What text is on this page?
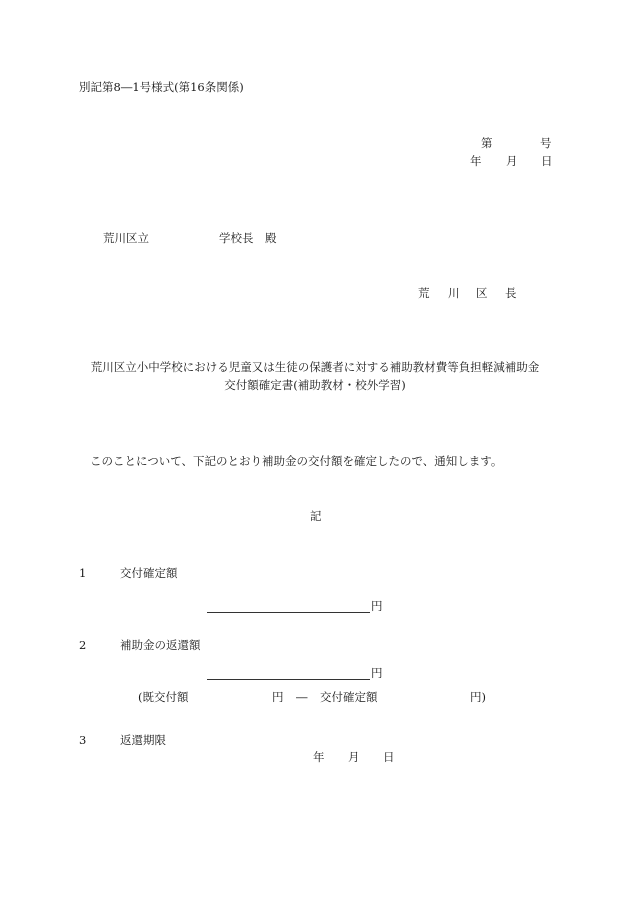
別記第8―1号様式(第16条関係)
第	号
年 月 日
荒川区立	学校長　殿
荒 川 区 長
荒川区立小中学校における児童又は生徒の保護者に対する補助教材費等負担軽減補助金
交付額確定書(補助教材・校外学習)
このことについて、下記のとおり補助金の交付額を確定したので、通知します。
記
1	交付確定額
円
2	補助金の返還額
円
(既交付額	円 ― 交付確定額	円)
3	返還期限
年 月 日
